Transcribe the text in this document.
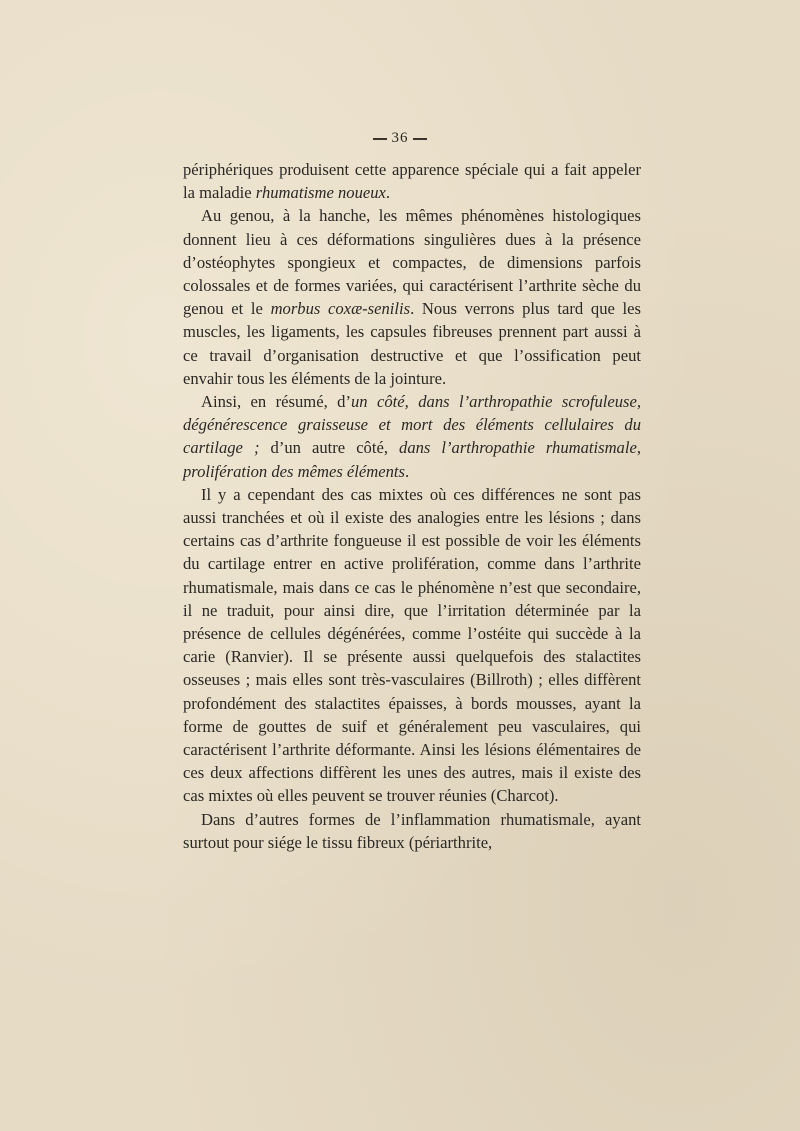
36

périphériques produisent cette apparence spéciale qui a fait appeler la maladie rhumatisme noueux.

Au genou, à la hanche, les mêmes phénomènes histologiques donnent lieu à ces déformations singulières dues à la présence d’ostéophytes spongieux et compactes, de dimensions parfois colossales et de formes variées, qui caractérisent l’arthrite sèche du genou et le morbus coxæ-senilis. Nous verrons plus tard que les muscles, les ligaments, les capsules fibreuses prennent part aussi à ce travail d’organisation destructive et que l’ossification peut envahir tous les éléments de la jointure.

Ainsi, en résumé, d’un côté, dans l’arthropathie scrofuleuse, dégénérescence graisseuse et mort des éléments cellulaires du cartilage ; d’un autre côté, dans l’arthropathie rhumatismale, prolifération des mêmes éléments.

Il y a cependant des cas mixtes où ces différences ne sont pas aussi tranchées et où il existe des analogies entre les lésions ; dans certains cas d’arthrite fongueuse il est possible de voir les éléments du cartilage entrer en active prolifération, comme dans l’arthrite rhumatismale, mais dans ce cas le phénomène n’est que secondaire, il ne traduit, pour ainsi dire, que l’irritation déterminée par la présence de cellules dégénérées, comme l’ostéite qui succède à la carie (Ranvier). Il se présente aussi quelquefois des stalactites osseuses ; mais elles sont très-vasculaires (Billroth) ; elles diffèrent profondément des stalactites épaisses, à bords mousses, ayant la forme de gouttes de suif et généralement peu vasculaires, qui caractérisent l’arthrite déformante. Ainsi les lésions élémentaires de ces deux affections diffèrent les unes des autres, mais il existe des cas mixtes où elles peuvent se trouver réunies (Charcot).

Dans d’autres formes de l’inflammation rhumatismale, ayant surtout pour siége le tissu fibreux (périarthrite,
